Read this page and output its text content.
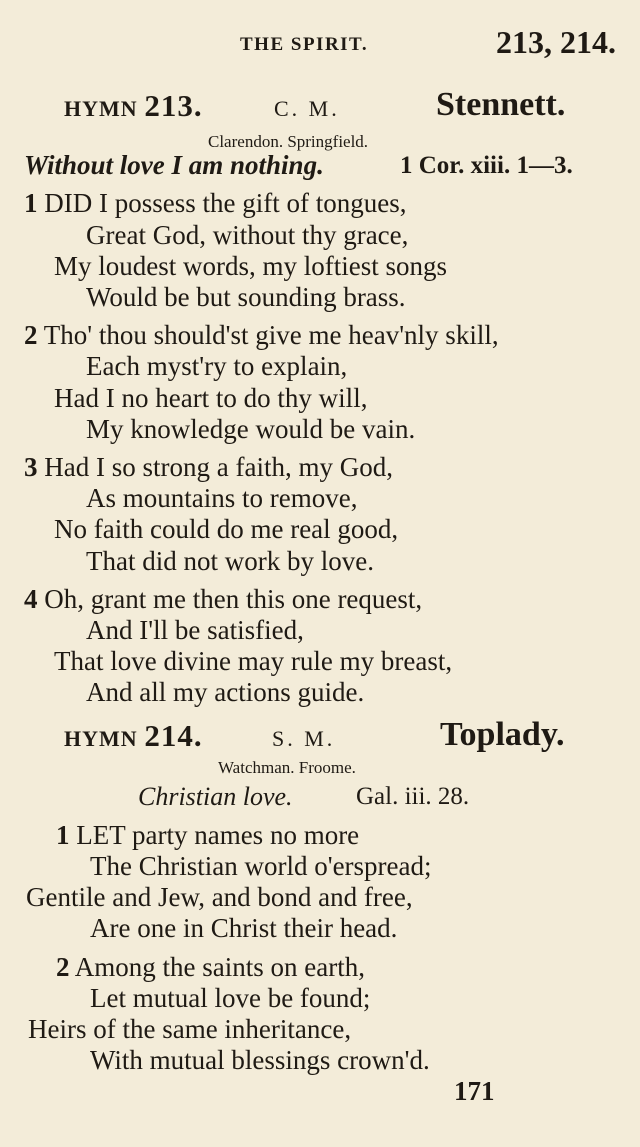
THE SPIRIT.	213, 214.
HYMN 213.	C. M.	Stennett.
Clarendon. Springfield.
Without love I am nothing.	1 Cor. xiii. 1—3.
1 DID I possess the gift of tongues,
Great God, without thy grace,
My loudest words, my loftiest songs
Would be but sounding brass.
2 Tho' thou should'st give me heav'nly skill,
Each myst'ry to explain,
Had I no heart to do thy will,
My knowledge would be vain.
3 Had I so strong a faith, my God,
As mountains to remove,
No faith could do me real good,
That did not work by love.
4 Oh, grant me then this one request,
And I'll be satisfied,
That love divine may rule my breast,
And all my actions guide.
HYMN 214.	S. M.	Toplady.
Watchman. Froome.
Christian love.	Gal. iii. 28.
1 LET party names no more
The Christian world o'erspread;
Gentile and Jew, and bond and free,
Are one in Christ their head.
2 Among the saints on earth,
Let mutual love be found;
Heirs of the same inheritance,
With mutual blessings crown'd.
171
